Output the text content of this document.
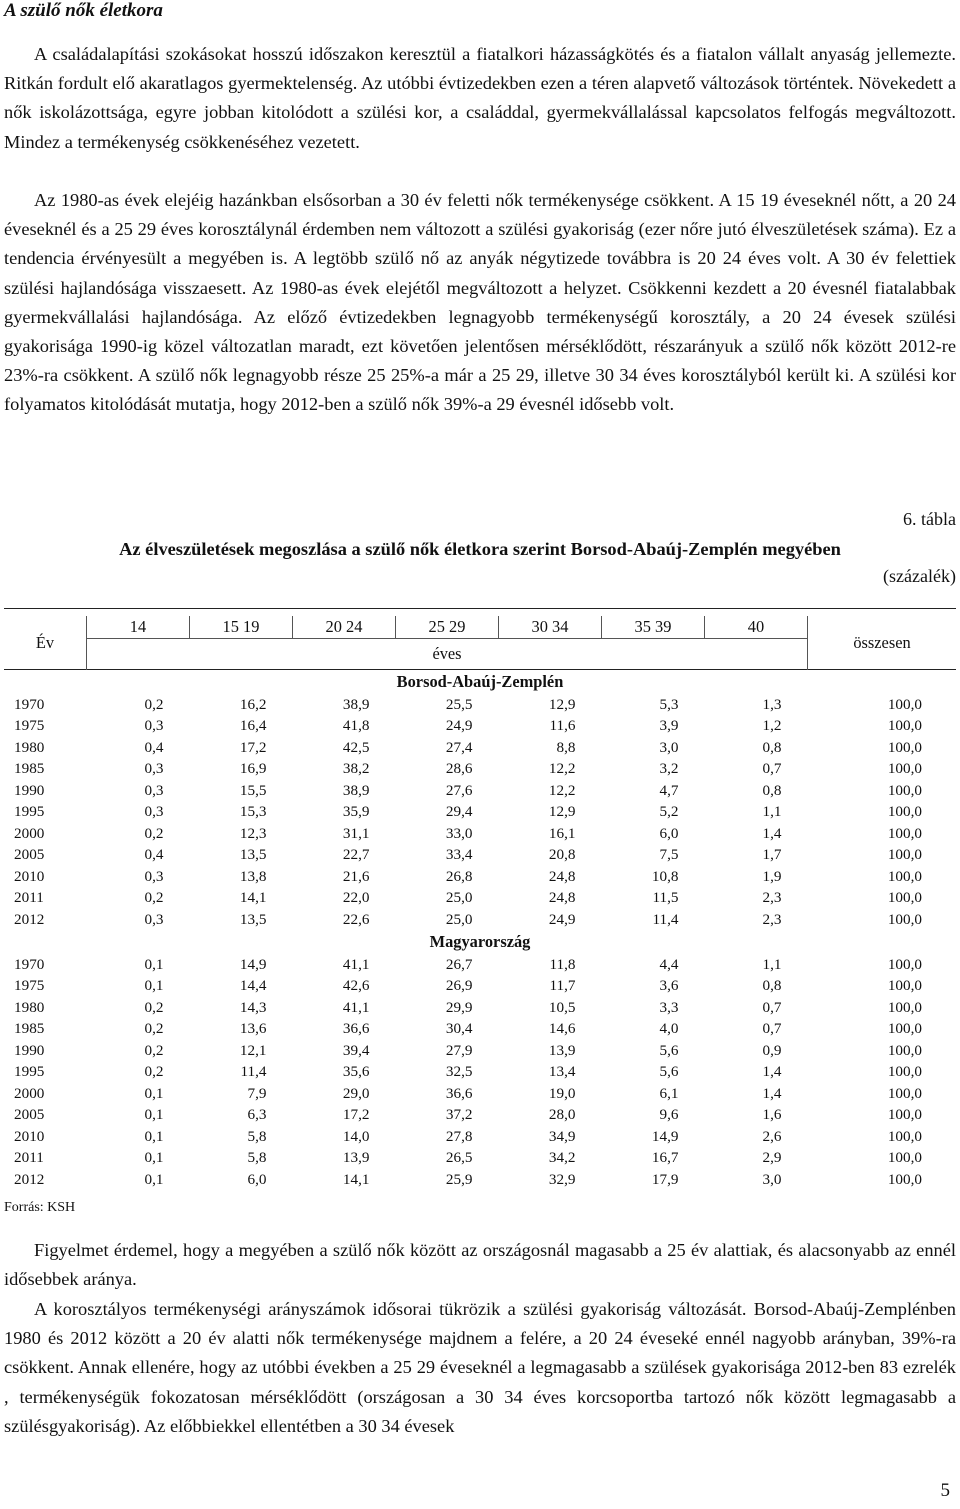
A szülő nők életkora

A családalapítási szokásokat hosszú időszakon keresztül a fiatalkori házasságkötés és a fiatalon vállalt anyaság jellemezte. Ritkán fordult elő akaratlagos gyermektelenség. Az utóbbi évtizedekben ezen a téren alapvető változások történtek. Növekedett a nők iskolázottsága, egyre jobban kitolódott a szülési kor, a családdal, gyermekvállalással kapcsolatos felfogás megváltozott. Mindez a termékenység csökkenéséhez vezetett.

Az 1980-as évek elejéig hazánkban elsősorban a 30 év feletti nők termékenysége csökkent. A 15 19 éveseknél nőtt, a 20 24 éveseknél és a 25 29 éves korosztálynál érdemben nem változott a szülési gyakoriság (ezer nőre jutó élveszületések száma). Ez a tendencia érvényesült a megyében is. A legtöbb szülő nő az anyák négytizede továbbra is 20 24 éves volt. A 30 év felettiek szülési hajlandósága visszaesett. Az 1980-as évek elejétől megváltozott a helyzet. Csökkenni kezdett a 20 évesnél fiatalabbak gyermekvállalási hajlandósága. Az előző évtizedekben legnagyobb termékenységű korosztály, a 20 24 évesek szülési gyakorisága 1990-ig közel változatlan maradt, ezt követően jelentősen mérséklődött, részarányuk a szülő nők között 2012-re 23%-ra csökkent. A szülő nők legnagyobb része 25 25%-a már a 25 29, illetve 30 34 éves korosztályból került ki. A szülési kor folyamatos kitolódását mutatja, hogy 2012-ben a szülő nők 39%-a 29 évesnél idősebb volt.

6. tábla
Az élveszületések megoszlása a szülő nők életkora szerint Borsod-Abaúj-Zemplén megyében
(százalék)
Év	14	15 19	20 24	25 29	30 34	35 39	40	összesen
	éves							

Borsod-Abaúj-Zemplén								
1970	0,2	16,2	38,9	25,5	12,9	5,3	1,3	100,0
1975	0,3	16,4	41,8	24,9	11,6	3,9	1,2	100,0
1980	0,4	17,2	42,5	27,4	8,8	3,0	0,8	100,0
1985	0,3	16,9	38,2	28,6	12,2	3,2	0,7	100,0
1990	0,3	15,5	38,9	27,6	12,2	4,7	0,8	100,0
1995	0,3	15,3	35,9	29,4	12,9	5,2	1,1	100,0
2000	0,2	12,3	31,1	33,0	16,1	6,0	1,4	100,0
2005	0,4	13,5	22,7	33,4	20,8	7,5	1,7	100,0
2010	0,3	13,8	21,6	26,8	24,8	10,8	1,9	100,0
2011	0,2	14,1	22,0	25,0	24,8	11,5	2,3	100,0
2012	0,3	13,5	22,6	25,0	24,9	11,4	2,3	100,0
Magyarország								
1970	0,1	14,9	41,1	26,7	11,8	4,4	1,1	100,0
1975	0,1	14,4	42,6	26,9	11,7	3,6	0,8	100,0
1980	0,2	14,3	41,1	29,9	10,5	3,3	0,7	100,0
1985	0,2	13,6	36,6	30,4	14,6	4,0	0,7	100,0
1990	0,2	12,1	39,4	27,9	13,9	5,6	0,9	100,0
1995	0,2	11,4	35,6	32,5	13,4	5,6	1,4	100,0
2000	0,1	7,9	29,0	36,6	19,0	6,1	1,4	100,0
2005	0,1	6,3	17,2	37,2	28,0	9,6	1,6	100,0
2010	0,1	5,8	14,0	27,8	34,9	14,9	2,6	100,0
2011	0,1	5,8	13,9	26,5	34,2	16,7	2,9	100,0
2012	0,1	6,0	14,1	25,9	32,9	17,9	3,0	100,0
Forrás: KSH

Figyelmet érdemel, hogy a megyében a szülő nők között az országosnál magasabb a 25 év alattiak, és alacsonyabb az ennél idősebbek aránya.

A korosztályos termékenységi arányszámok idősorai tükrözik a szülési gyakoriság változását. Borsod-Abaúj-Zemplénben 1980 és 2012 között a 20 év alatti nők termékenysége majdnem a felére, a 20 24 éveseké ennél nagyobb arányban, 39%-ra csökkent. Annak ellenére, hogy az utóbbi években a 25 29 éveseknél a legmagasabb a szülések gyakorisága 2012-ben 83 ezrelék , termékenységük fokozatosan mérséklődött (országosan a 30 34 éves korcsoportba tartozó nők között legmagasabb a szülésgyakoriság). Az előbbiekkel ellentétben a 30 34 évesek

5
